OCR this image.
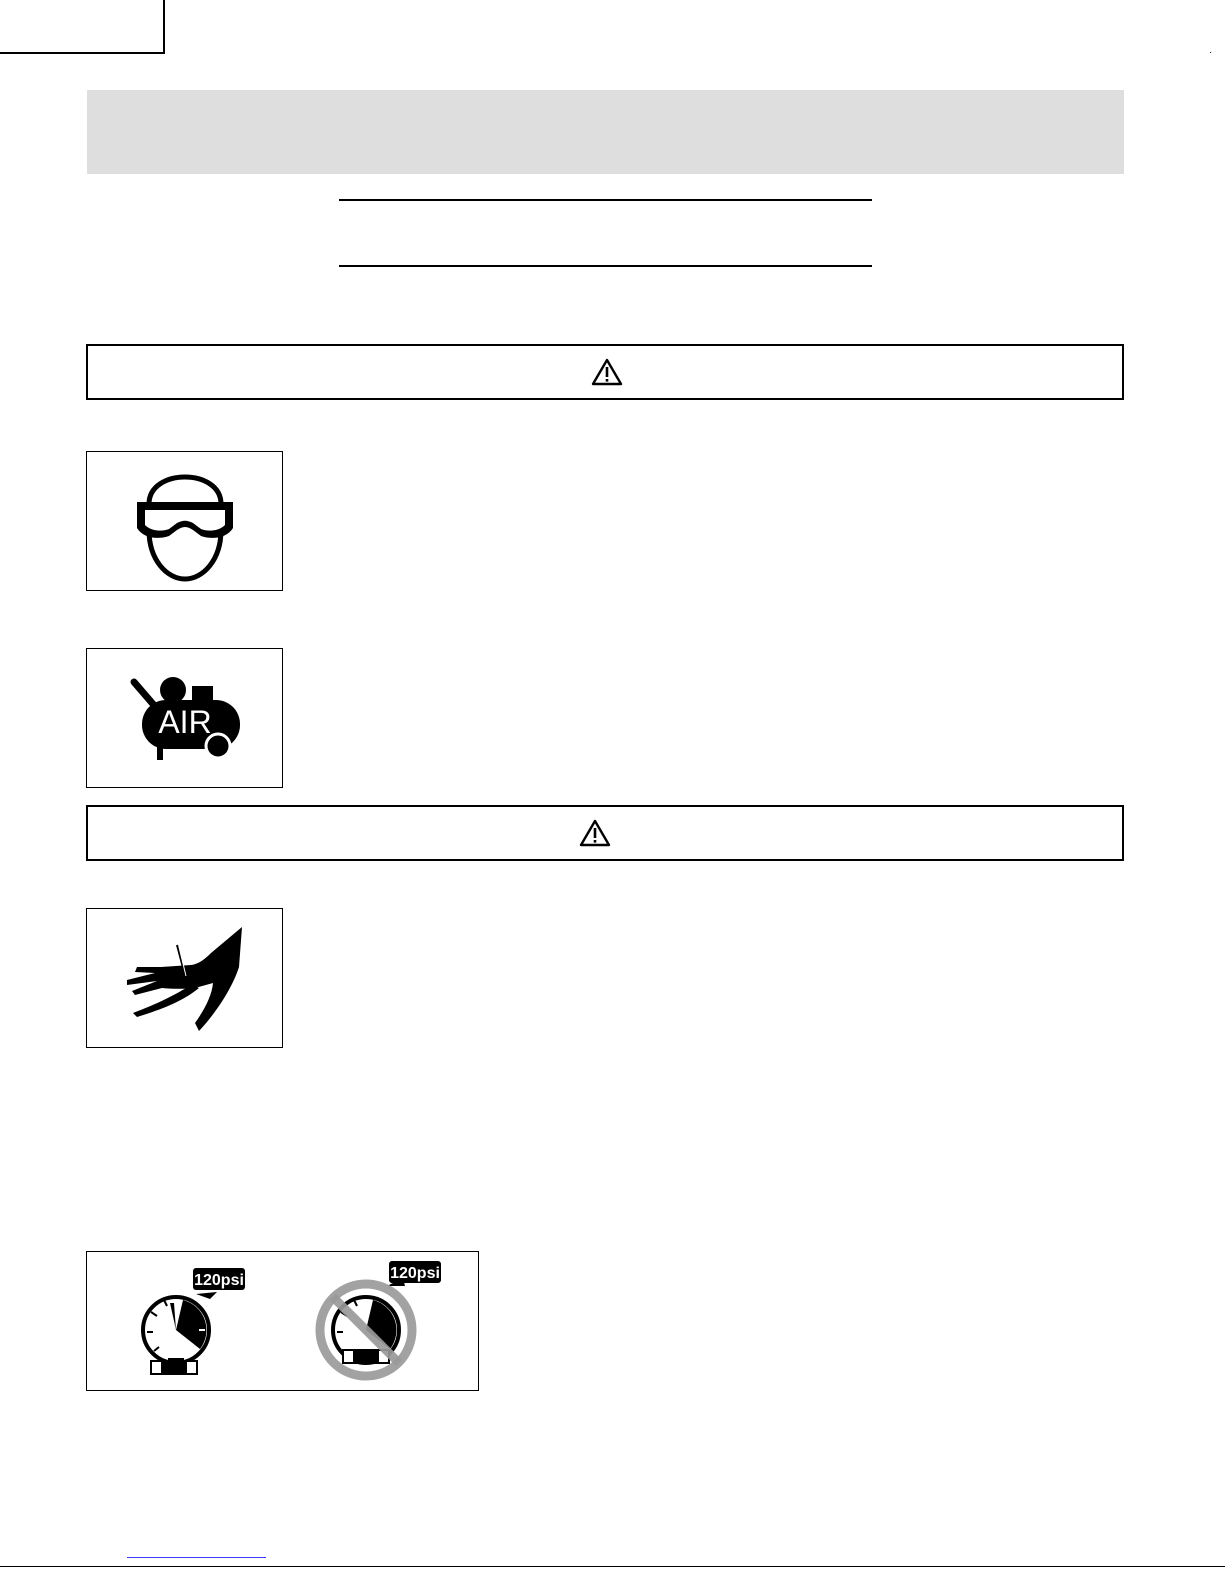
·
AIR
120psi	120psi
